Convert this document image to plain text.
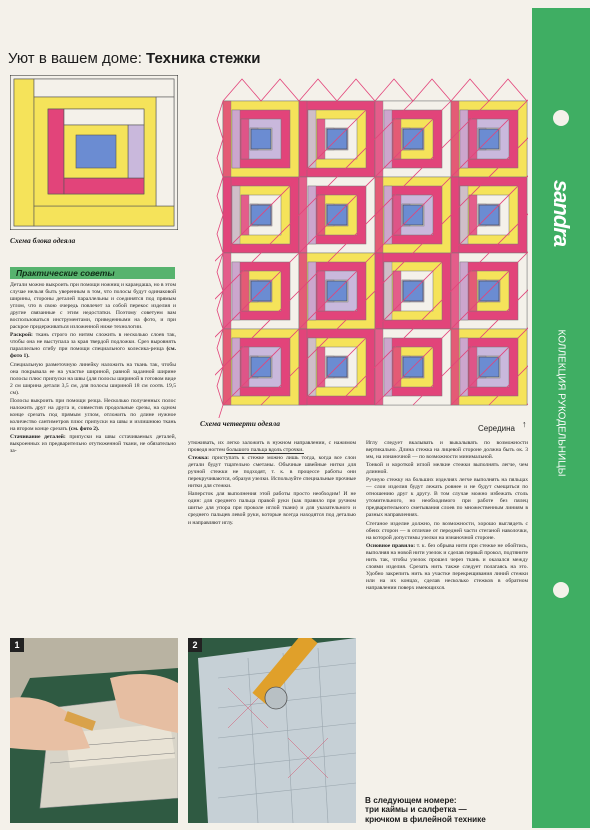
Уют в вашем доме: Техника стежки
Схема блока одеяла
Схема четверти одеяла
Середина ↑
Практические советы

Детали можно выкроить при помощи ножниц и карандаша, но в этом случае нельзя быть уверенным в том, что полосы будут одинаковой ширины, стороны деталей параллельны и соединятся под прямым углом, что в свою очередь повлечет за собой перекос изделия и другие связанные с этим недостатки. Поэтому советуем вам воспользоваться инструментами, приведенными на фото, и при раскрое придерживаться изложенной ниже технологии.

Раскрой: ткань строго по нитям сложить в несколько слоев так, чтобы она не выступала за края твердой подложки. Срез выровнять параллельно сгибу при помощи специального колесика-резца (см. фото 1).

Специальную разметочную линейку наложить на ткань так, чтобы она покрывала ее на участке шириной, равной заданной ширине полосы плюс припуски на швы (для полосы шириной в готовом виде 2 см ширина детали 3,5 см, для полосы шириной 18 см соотв. 19,5 см).

Полосы выкроить при помощи резца. Несколько полученных полос наложить друг на друга и, совместив продольные срезы, на одном конце срезать под прямым углом, отложить по длине нужное количество сантиметров плюс припуски на швы и излишнюю ткань на втором конце срезать (см. фото 2).

Стачивание деталей: припуски на швы сстачиваемых деталей, выкроенных из предварительно отутюженной ткани, не обязательно за-

утюживать, их легко заложить в нужном направлении, с нажимом проведя ногтем большого пальца вдоль строчки.

Стежка: приступать к стежке можно лишь тогда, когда все слои детали будут тщательно сметаны. Обычные швейные нитки для ручной стежки не подходят, т. к. в процессе работы они перекручиваются, образуя узелки. Используйте специальные прочные нитки для стежки.

Наперсток для выполнения этой работы просто необходим! И не один: для среднего пальца правой руки (как правило при ручном шитье для упора при проколе иглой ткани) и для указательного и среднего пальцев левой руки, которые всегда находятся под деталью и направляют иглу.

Иглу следует вкалывать и выкалывать по возможности вертикально. Длина стежка на лицевой стороне должна быть ок. 3 мм, на изнаночной — по возможности минимальной.

Тонкой и короткой иглой мелкие стежки выполнять легче, чем длинной.

Ручную стежку на больших изделиях легче выполнять на пяльцах — слои изделия будут лежать ровнее и не будут смещаться по отношению друг к другу. В том случае можно избежать столь утомительного, но необходимого при работе без пялец предварительного сметывания слоев по множественным линиям в разных направлениях.

Стеганое изделие должно, по возможности, хорошо выглядеть с обеих сторон — в отличие от передней части стеганой наволочки, на которой допустимы узелки на изнаночной стороне.

Основное правило: т. к. без обрыва нити при стежке не обойтись, выполняя на новой нити узелок и сделав первый прокол, подтяните нить так, чтобы узелок прошел через ткань и оказался между слоями изделия. Срезать нить также следует полагаясь на это. Удобно закрепить нить на участке перекрещивания линий стежки или на их концах, сделав несколько стежков в обратном направлении поверх имеющихся.

1	2
В следующем номере:
три каймы и салфетка —
крючком в филейной технике
sandra
КОЛЛЕКЦИЯ РУКОДЕЛЬНИЦЫ
